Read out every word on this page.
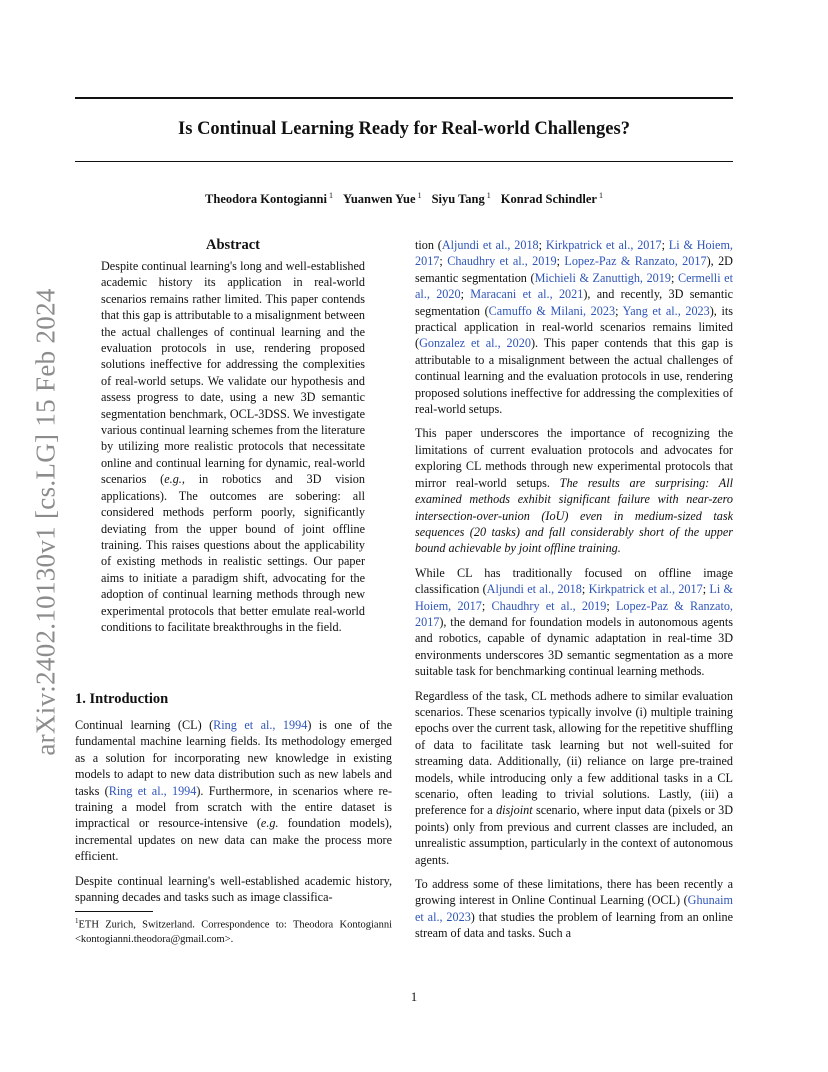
arXiv:2402.10130v1 [cs.LG] 15 Feb 2024
Is Continual Learning Ready for Real-world Challenges?
Theodora Kontogianni $^1$ Yuanwen Yue $^1$ Siyu Tang $^1$ Konrad Schindler $^1$
Abstract
Despite continual learning's long and well-established academic history its application in real-world scenarios remains rather limited. This paper contends that this gap is attributable to a misalignment between the actual challenges of continual learning and the evaluation protocols in use, rendering proposed solutions ineffective for addressing the complexities of real-world setups. We validate our hypothesis and assess progress to date, using a new 3D semantic segmentation benchmark, OCL-3DSS. We investigate various continual learning schemes from the literature by utilizing more realistic protocols that necessitate online and continual learning for dynamic, real-world scenarios (e.g., in robotics and 3D vision applications). The outcomes are sobering: all considered methods perform poorly, significantly deviating from the upper bound of joint offline training. This raises questions about the applicability of existing methods in realistic settings. Our paper aims to initiate a paradigm shift, advocating for the adoption of continual learning methods through new experimental protocols that better emulate real-world conditions to facilitate breakthroughs in the field.
1. Introduction

Continual learning (CL) (Ring et al., 1994) is one of the fundamental machine learning fields. Its methodology emerged as a solution for incorporating new knowledge in existing models to adapt to new data distribution such as new labels and tasks (Ring et al., 1994). Furthermore, in scenarios where re-training a model from scratch with the entire dataset is impractical or resource-intensive (e.g. foundation models), incremental updates on new data can make the process more efficient.

Despite continual learning's well-established academic history, spanning decades and tasks such as image classifica-

$^1$ETH Zurich, Switzerland. Correspondence to: Theodora Kontogianni <kontogianni.theodora@gmail.com>.

tion (Aljundi et al., 2018; Kirkpatrick et al., 2017; Li & Hoiem, 2017; Chaudhry et al., 2019; Lopez-Paz & Ranzato, 2017), 2D semantic segmentation (Michieli & Zanuttigh, 2019; Cermelli et al., 2020; Maracani et al., 2021), and recently, 3D semantic segmentation (Camuffo & Milani, 2023; Yang et al., 2023), its practical application in real-world scenarios remains limited (Gonzalez et al., 2020). This paper contends that this gap is attributable to a misalignment between the actual challenges of continual learning and the evaluation protocols in use, rendering proposed solutions ineffective for addressing the complexities of real-world setups.

This paper underscores the importance of recognizing the limitations of current evaluation protocols and advocates for exploring CL methods through new experimental protocols that mirror real-world setups. The results are surprising: All examined methods exhibit significant failure with near-zero intersection-over-union (IoU) even in medium-sized task sequences (20 tasks) and fall considerably short of the upper bound achievable by joint offline training.

While CL has traditionally focused on offline image classification (Aljundi et al., 2018; Kirkpatrick et al., 2017; Li & Hoiem, 2017; Chaudhry et al., 2019; Lopez-Paz & Ranzato, 2017), the demand for foundation models in autonomous agents and robotics, capable of dynamic adaptation in real-time 3D environments underscores 3D semantic segmentation as a more suitable task for benchmarking continual learning methods.

Regardless of the task, CL methods adhere to similar evaluation scenarios. These scenarios typically involve (i) multiple training epochs over the current task, allowing for the repetitive shuffling of data to facilitate task learning but not well-suited for streaming data. Additionally, (ii) reliance on large pre-trained models, while introducing only a few additional tasks in a CL scenario, often leading to trivial solutions. Lastly, (iii) a preference for a disjoint scenario, where input data (pixels or 3D points) only from previous and current classes are included, an unrealistic assumption, particularly in the context of autonomous agents.

To address some of these limitations, there has been recently a growing interest in Online Continual Learning (OCL) (Ghunaim et al., 2023) that studies the problem of learning from an online stream of data and tasks. Such a

1
